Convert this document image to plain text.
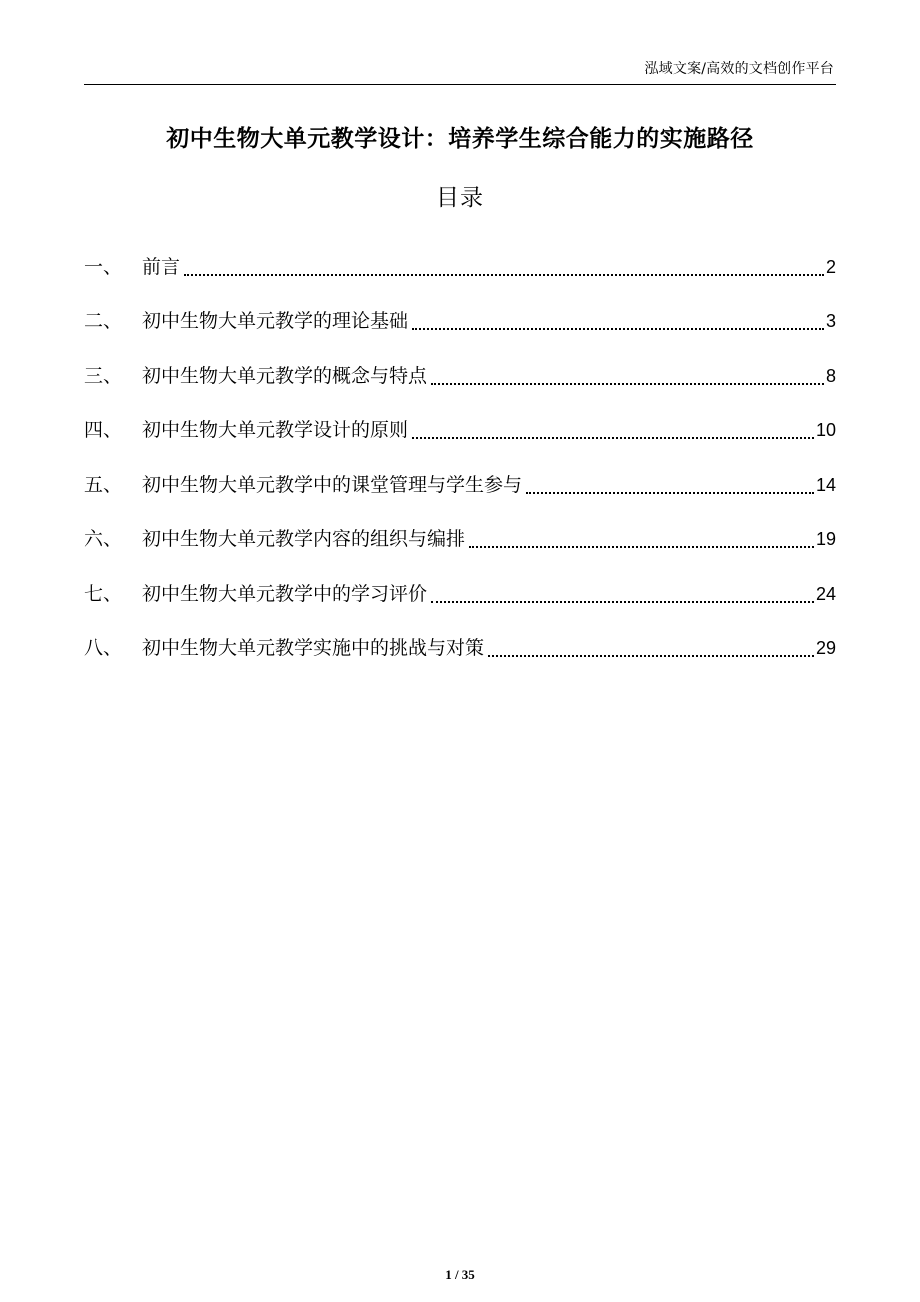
泓域文案/高效的文档创作平台
初中生物大单元教学设计：培养学生综合能力的实施路径
目录
一、	前言	2
二、	初中生物大单元教学的理论基础	3
三、	初中生物大单元教学的概念与特点	8
四、	初中生物大单元教学设计的原则	10
五、	初中生物大单元教学中的课堂管理与学生参与	14
六、	初中生物大单元教学内容的组织与编排	19
七、	初中生物大单元教学中的学习评价	24
八、	初中生物大单元教学实施中的挑战与对策	29
1 / 35
